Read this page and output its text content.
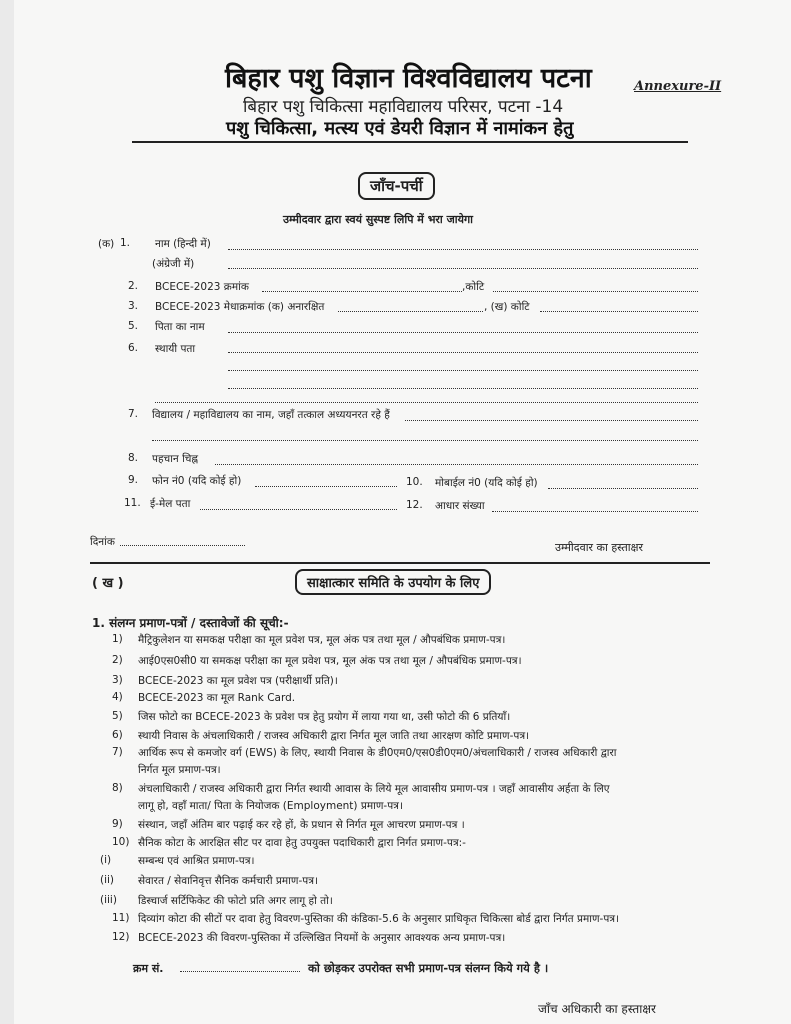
बिहार पशु विज्ञान विश्वविद्यालय पटना	Annexure-II
बिहार पशु चिकित्सा महाविद्यालय परिसर, पटना -14
पशु चिकित्सा, मत्स्य एवं डेयरी विज्ञान में नामांकन हेतु
जाँच-पर्ची
उम्मीदवार द्वारा स्वयं सुस्पष्ट लिपि में भरा जायेगा
(क) 1. नाम (हिन्दी में)
(अंग्रेजी में)
2. BCECE-2023 क्रमांक	,कोटि
3. BCECE-2023 मेधाक्रमांक (क) अनारक्षित	, (ख) कोटि
5. पिता का नाम
6. स्थायी पता
7. विद्यालय / महाविद्यालय का नाम, जहाँ तत्काल अध्ययनरत रहे हैं
8. पहचान चिह्न
9. फोन नं0 (यदि कोई हो)	10. मोबाईल नं0 (यदि कोई हो)
11. ई-मेल पता	12. आधार संख्या
दिनांक	उम्मीदवार का हस्ताक्षर
( ख )	साक्षात्कार समिति के उपयोग के लिए
1. संलग्न प्रमाण-पत्रों / दस्तावेजों की सूची:-
1) मैट्रिकुलेशन या समकक्ष परीक्षा का मूल प्रवेश पत्र, मूल अंक पत्र तथा मूल / औपबंधिक प्रमाण-पत्र।
2) आई0एस0सी0 या समकक्ष परीक्षा का मूल प्रवेश पत्र, मूल अंक पत्र तथा मूल / औपबंधिक प्रमाण-पत्र।
3) BCECE-2023 का मूल प्रवेश पत्र (परीक्षार्थी प्रति)।
4) BCECE-2023 का मूल Rank Card.
5) जिस फोटो का BCECE-2023 के प्रवेश पत्र हेतु प्रयोग में लाया गया था, उसी फोटो की 6 प्रतियाँ।
6) स्थायी निवास के अंचलाधिकारी / राजस्व अधिकारी द्वारा निर्गत मूल जाति तथा आरक्षण कोटि प्रमाण-पत्र।
7) आर्थिक रूप से कमजोर वर्ग (EWS) के लिए, स्थायी निवास के डी0एम0/एस0डी0एम0/अंचलाधिकारी / राजस्व अधिकारी द्वारा
निर्गत मूल प्रमाण-पत्र।
8) अंचलाधिकारी / राजस्व अधिकारी द्वारा निर्गत स्थायी आवास के लिये मूल आवासीय प्रमाण-पत्र । जहाँ आवासीय अर्हता के लिए
लागू हो, वहाँ माता/ पिता के नियोजक (Employment) प्रमाण-पत्र।
9) संस्थान, जहाँ अंतिम बार पढ़ाई कर रहे हों, के प्रधान से निर्गत मूल आचरण प्रमाण-पत्र ।
10) सैनिक कोटा के आरक्षित सीट पर दावा हेतु उपयुक्त पदाधिकारी द्वारा निर्गत प्रमाण-पत्र:-
(i)	सम्बन्ध एवं आश्रित प्रमाण-पत्र।
(ii) सेवारत / सेवानिवृत्त सैनिक कर्मचारी प्रमाण-पत्र।
(iii) डिस्चार्ज सर्टिफिकेट की फोटो प्रति अगर लागू हो तो।
11) दिव्यांग कोटा की सीटों पर दावा हेतु विवरण-पुस्तिका की कंडिका-5.6 के अनुसार प्राधिकृत चिकित्सा बोर्ड द्वारा निर्गत प्रमाण-पत्र।
12) BCECE-2023 की विवरण-पुस्तिका में उल्लिखित नियमों के अनुसार आवश्यक अन्य प्रमाण-पत्र।
क्रम सं.	को छोड़कर उपरोक्त सभी प्रमाण-पत्र संलग्न किये गये है ।
जाँच अधिकारी का हस्ताक्षर
